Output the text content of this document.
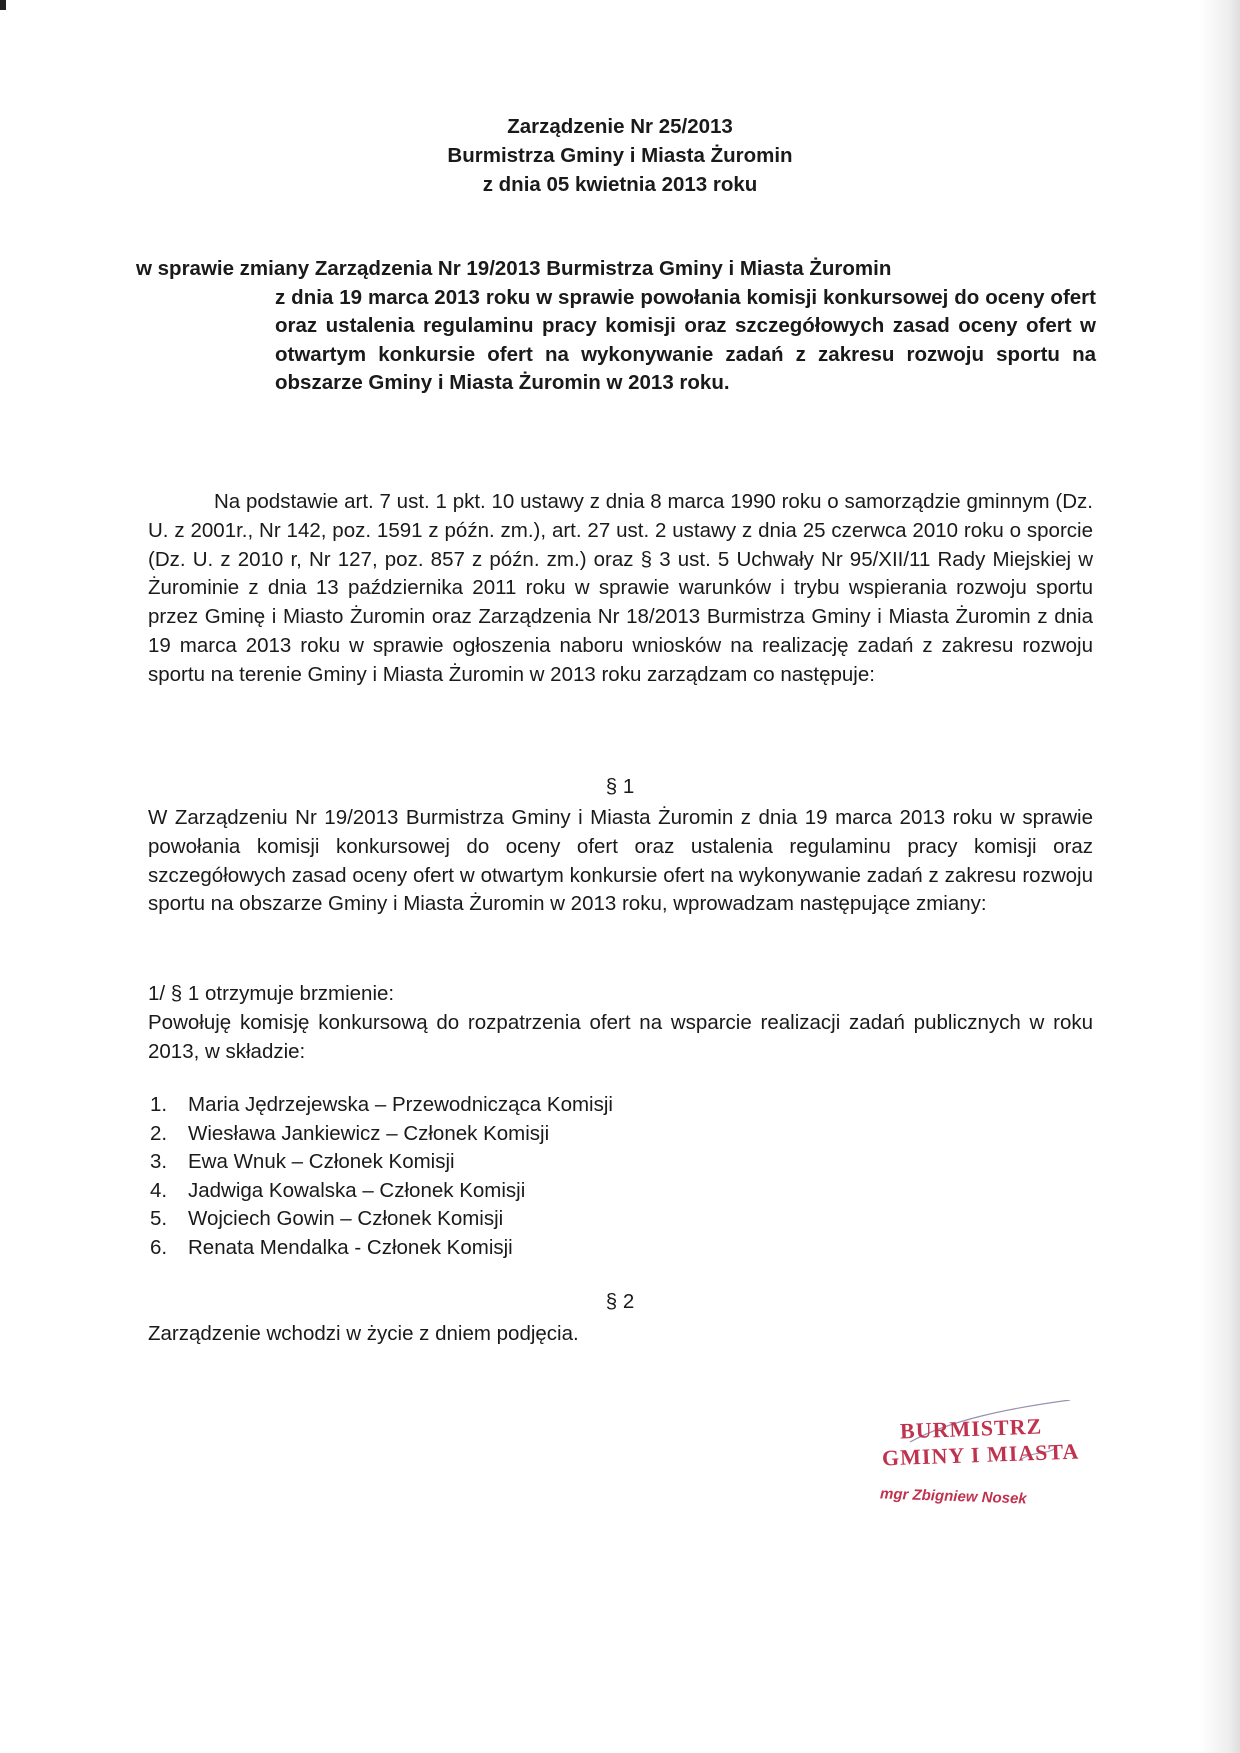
Zarządzenie Nr 25/2013
Burmistrza Gminy i Miasta Żuromin
z dnia 05 kwietnia 2013 roku
w sprawie zmiany Zarządzenia Nr 19/2013 Burmistrza Gminy i Miasta Żuromin
z dnia 19 marca 2013 roku w sprawie powołania komisji konkursowej do oceny ofert oraz ustalenia regulaminu pracy komisji oraz szczegółowych zasad oceny ofert w otwartym konkursie ofert na wykonywanie zadań z zakresu rozwoju sportu na obszarze Gminy i Miasta Żuromin w 2013 roku.
Na podstawie art. 7 ust. 1 pkt. 10 ustawy z dnia 8 marca 1990 roku o samorządzie gminnym (Dz. U. z 2001r., Nr 142, poz. 1591 z późn. zm.), art. 27 ust. 2 ustawy z dnia 25 czerwca 2010 roku o sporcie (Dz. U. z 2010 r, Nr 127, poz. 857 z późn. zm.) oraz § 3 ust. 5 Uchwały Nr 95/XII/11 Rady Miejskiej w Żurominie z dnia 13 października 2011 roku w sprawie warunków i trybu wspierania rozwoju sportu przez Gminę i Miasto Żuromin oraz Zarządzenia Nr 18/2013 Burmistrza Gminy i Miasta Żuromin z dnia 19 marca 2013 roku w sprawie ogłoszenia naboru wniosków na realizację zadań z zakresu rozwoju sportu na terenie Gminy i Miasta Żuromin w 2013 roku zarządzam co następuje:
§ 1
W Zarządzeniu Nr 19/2013 Burmistrza Gminy i Miasta Żuromin z dnia 19 marca 2013 roku w sprawie powołania komisji konkursowej do oceny ofert oraz ustalenia regulaminu pracy komisji oraz szczegółowych zasad oceny ofert w otwartym konkursie ofert na wykonywanie zadań z zakresu rozwoju sportu na obszarze Gminy i Miasta Żuromin w 2013 roku, wprowadzam następujące zmiany:
1/ § 1 otrzymuje brzmienie:
Powołuję komisję konkursową do rozpatrzenia ofert na wsparcie realizacji zadań publicznych w roku 2013, w składzie:
1.	Maria Jędrzejewska – Przewodnicząca Komisji
2.	Wiesława Jankiewicz – Członek Komisji
3.	Ewa Wnuk – Członek Komisji
4.	Jadwiga Kowalska – Członek Komisji
5.	Wojciech Gowin – Członek Komisji
6.	Renata Mendalka - Członek Komisji
§ 2
Zarządzenie wchodzi w życie z dniem podjęcia.
BURMISTRZ
GMINY I MIASTA
mgr Zbigniew Nosek
